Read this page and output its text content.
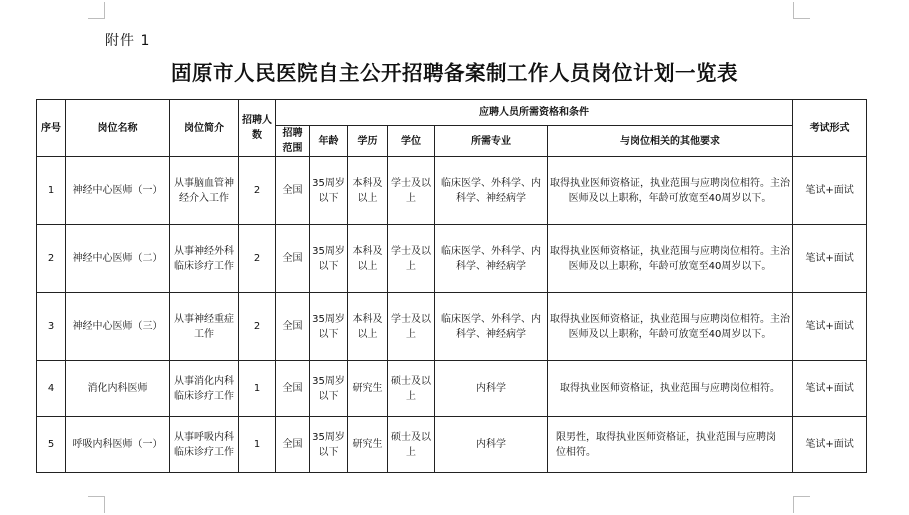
附件 1
固原市人民医院自主公开招聘备案制工作人员岗位计划一览表
序号	岗位名称	岗位简介	招聘人数	应聘人员所需资格和条件						考试形式
				招聘范围	年龄	学历	学位	所需专业	与岗位相关的其他要求	
1	神经中心医师（一）	从事脑血管神经介入工作	2	全国	35周岁以下	本科及以上	学士及以上	临床医学、外科学、内科学、神经病学	取得执业医师资格证，执业范围与应聘岗位相符。主治医师及以上职称，年龄可放宽至40周岁以下。	笔试+面试
2	神经中心医师（二）	从事神经外科临床诊疗工作	2	全国	35周岁以下	本科及以上	学士及以上	临床医学、外科学、内科学、神经病学	取得执业医师资格证，执业范围与应聘岗位相符。主治医师及以上职称，年龄可放宽至40周岁以下。	笔试+面试
3	神经中心医师（三）	从事神经重症工作	2	全国	35周岁以下	本科及以上	学士及以上	临床医学、外科学、内科学、神经病学	取得执业医师资格证，执业范围与应聘岗位相符。主治医师及以上职称，年龄可放宽至40周岁以下。	笔试+面试
4	消化内科医师	从事消化内科临床诊疗工作	1	全国	35周岁以下	研究生	硕士及以上	内科学	取得执业医师资格证，执业范围与应聘岗位相符。	笔试+面试
5	呼吸内科医师（一）	从事呼吸内科临床诊疗工作	1	全国	35周岁以下	研究生	硕士及以上	内科学	限男性，取得执业医师资格证，执业范围与应聘岗位相符。	笔试+面试
